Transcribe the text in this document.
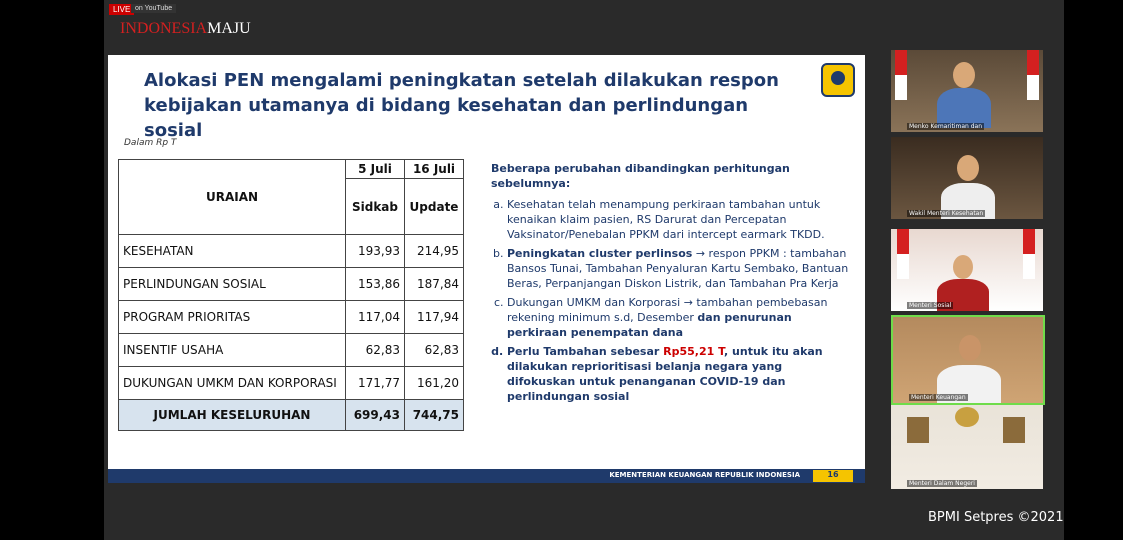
LIVE on YouTube
INDONESIAMAJU
Alokasi PEN mengalami peningkatan setelah dilakukan respon kebijakan utamanya di bidang kesehatan dan perlindungan sosial
Dalam Rp T
URAIAN	5 Juli	16 Juli
	Sidkab	Update
KESEHATAN	193,93	214,95
PERLINDUNGAN SOSIAL	153,86	187,84
PROGRAM PRIORITAS	117,04	117,94
INSENTIF USAHA	62,83	62,83
DUKUNGAN UMKM DAN KORPORASI	171,77	161,20
JUMLAH KESELURUHAN	699,43	744,75
Beberapa perubahan dibandingkan perhitungan sebelumnya:
a. Kesehatan telah menampung perkiraan tambahan untuk kenaikan klaim pasien, RS Darurat dan Percepatan Vaksinator/Penebalan PPKM dari intercept earmark TKDD.
b. Peningkatan cluster perlinsos → respon PPKM : tambahan Bansos Tunai, Tambahan Penyaluran Kartu Sembako, Bantuan Beras, Perpanjangan Diskon Listrik, dan Tambahan Pra Kerja
c. Dukungan UMKM dan Korporasi → tambahan pembebasan rekening minimum s.d, Desember dan penurunan perkiraan penempatan dana
d. Perlu Tambahan sebesar Rp55,21 T, untuk itu akan dilakukan reprioritisasi belanja negara yang difokuskan untuk penanganan COVID-19 dan perlindungan sosial
KEMENTERIAN KEUANGAN REPUBLIK INDONESIA	16
Menko Kemaritiman dan
Wakil Menteri Kesehatan
Menteri Sosial
Menteri Keuangan
Menteri Dalam Negeri
BPMI Setpres ©2021
